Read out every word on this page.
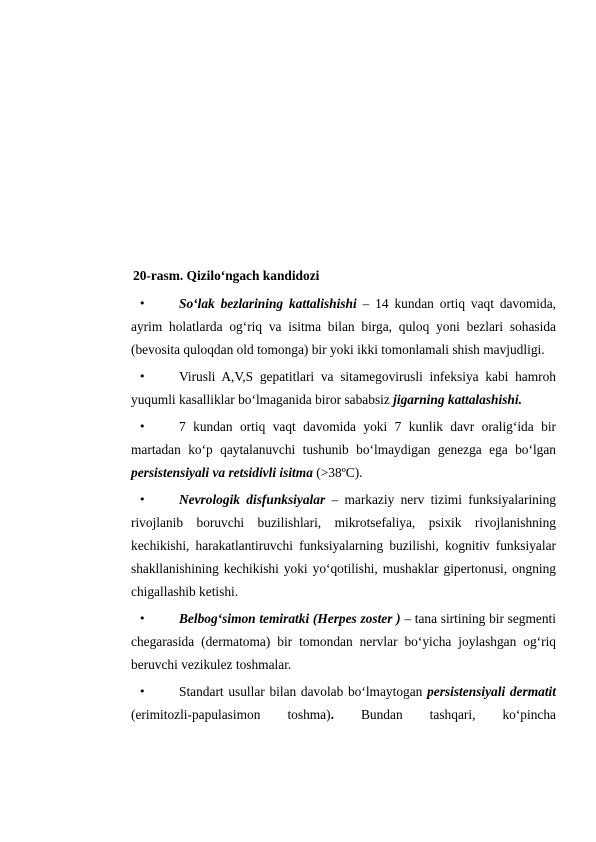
20-rasm. Qizilo‘ngach kandidozi

•	So‘lak bezlarining kattalishishi – 14 kundan ortiq vaqt davomida, ayrim holatlarda og‘riq va isitma bilan birga, quloq yoni bezlari sohasida (bevosita quloqdan old tomonga) bir yoki ikki tomonlamali shish mavjudligi.

•	Virusli A,V,S gepatitlari va sitamegovirusli infeksiya kabi hamroh yuqumli kasalliklar bo‘lmaganida biror sababsiz jigarning kattalashishi.

•	7 kundan ortiq vaqt davomida yoki 7 kunlik davr oralig‘ida bir martadan ko‘p qaytalanuvchi tushunib bo‘lmaydigan genezga ega bo‘lgan persistensiyali va retsidivli isitma (>38ºC).

•	Nevrologik disfunksiyalar – markaziy nerv tizimi funksiyalarining rivojlanib boruvchi buzilishlari, mikrotsefaliya, psixik rivojlanishning kechikishi, harakatlantiruvchi funksiyalarning buzilishi, kognitiv funksiyalar shakllanishining kechikishi yoki yo‘qotilishi, mushaklar gipertonusi, ongning chigallashib ketishi.

•	Belbog‘simon temiratki (Herpes zoster ) – tana sirtining bir segmenti chegarasida (dermatoma) bir tomondan nervlar bo‘yicha joylashgan og‘riq beruvchi vezikulez toshmalar.

•	Standart usullar bilan davolab bo‘lmaytogan persistensiyali dermatit (erimitozli-papulasimon toshma). Bundan tashqari, ko‘pincha
